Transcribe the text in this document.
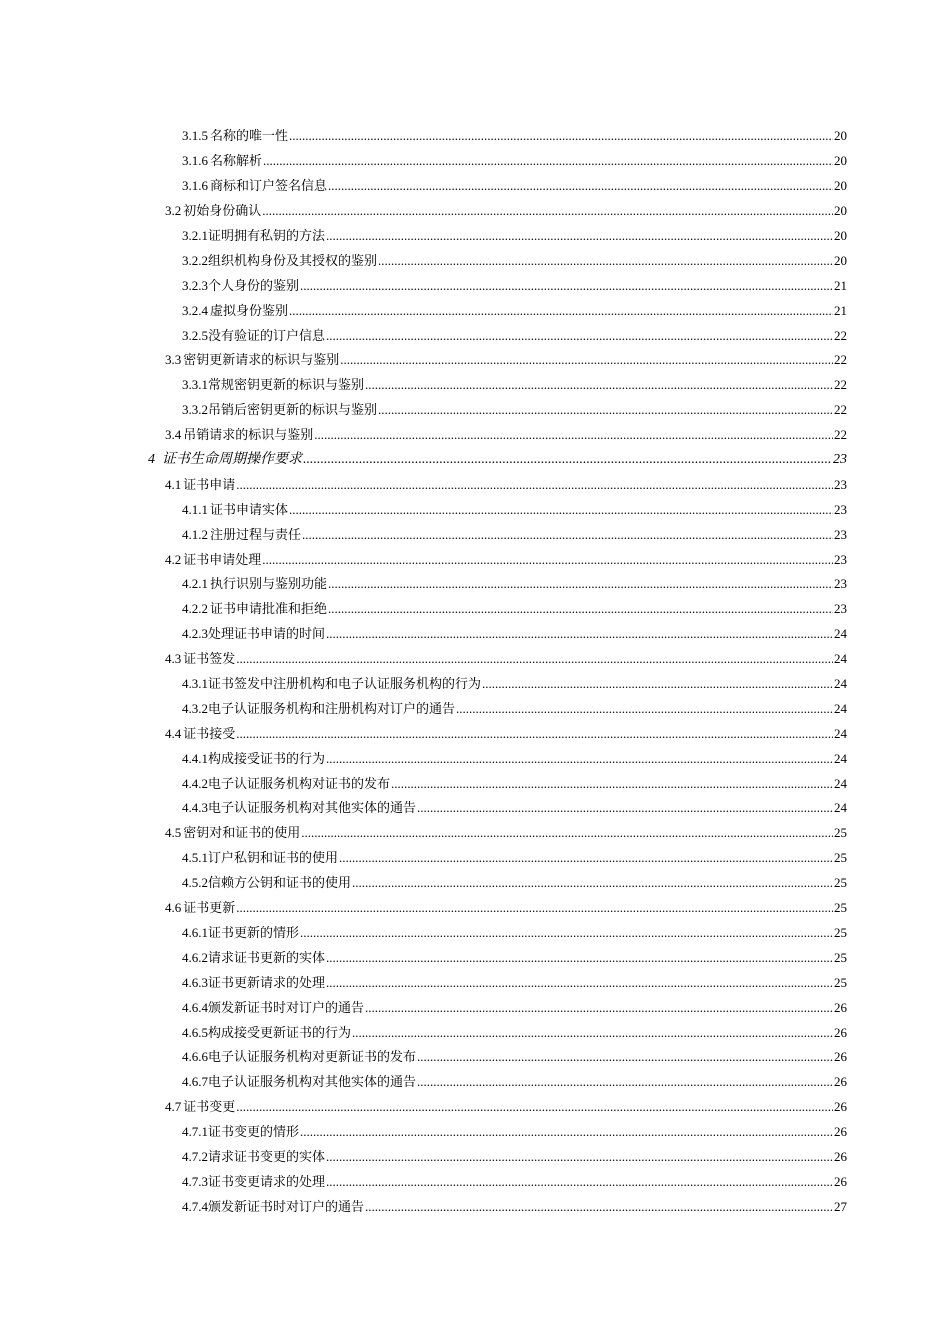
3.1.5 名称的唯一性 .....	20
3.1.6 名称解析 .....	20
3.1.6 商标和订户签名信息 .....	20
3.2 初始身份确认 .....	20
3.2.1 证明拥有私钥的方法 .....	20
3.2.2 组织机构身份及其授权的鉴别 .....	20
3.2.3 个人身份的鉴别 .....	21
3.2.4 虚拟身份鉴别 .....	21
3.2.5 没有验证的订户信息 .....	22
3.3 密钥更新请求的标识与鉴别 .....	22
3.3.1 常规密钥更新的标识与鉴别 .....	22
3.3.2 吊销后密钥更新的标识与鉴别 .....	22
3.4 吊销请求的标识与鉴别 .....	22
4 证书生命周期操作要求 .....	23
4.1 证书申请 .....	23
4.1.1 证书申请实体 .....	23
4.1.2 注册过程与责任 .....	23
4.2 证书申请处理 .....	23
4.2.1 执行识别与鉴别功能 .....	23
4.2.2 证书申请批准和拒绝 .....	23
4.2.3 处理证书申请的时间 .....	24
4.3 证书签发 .....	24
4.3.1 证书签发中注册机构和电子认证服务机构的行为 .....	24
4.3.2 电子认证服务机构和注册机构对订户的通告 .....	24
4.4 证书接受 .....	24
4.4.1 构成接受证书的行为 .....	24
4.4.2 电子认证服务机构对证书的发布 .....	24
4.4.3 电子认证服务机构对其他实体的通告 .....	24
4.5 密钥对和证书的使用 .....	25
4.5.1 订户私钥和证书的使用 .....	25
4.5.2 信赖方公钥和证书的使用 .....	25
4.6 证书更新 .....	25
4.6.1 证书更新的情形 .....	25
4.6.2 请求证书更新的实体 .....	25
4.6.3 证书更新请求的处理 .....	25
4.6.4 颁发新证书时对订户的通告 .....	26
4.6.5 构成接受更新证书的行为 .....	26
4.6.6 电子认证服务机构对更新证书的发布 .....	26
4.6.7 电子认证服务机构对其他实体的通告 .....	26
4.7 证书变更 .....	26
4.7.1 证书变更的情形 .....	26
4.7.2 请求证书变更的实体 .....	26
4.7.3 证书变更请求的处理 .....	26
4.7.4 颁发新证书时对订户的通告 .....	27
